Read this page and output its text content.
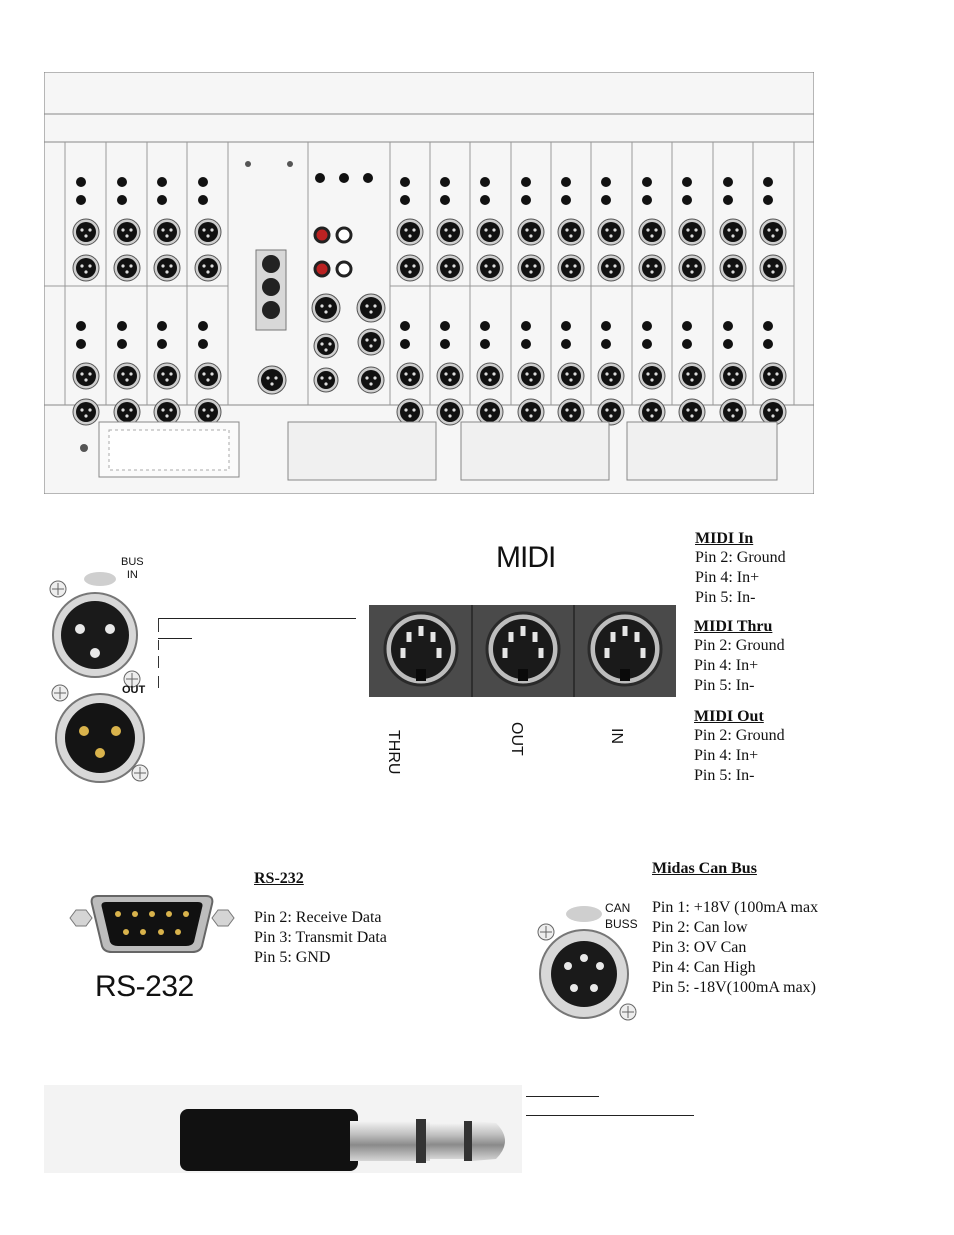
BUS
IN
OUT
MIDI
THRU	OUT	IN
MIDI In
Pin 2: Ground
Pin 4: In+
Pin 5: In-
MIDI Thru
Pin 2: Ground
Pin 4: In+
Pin 5: In-
MIDI Out
Pin 2: Ground
Pin 4: In+
Pin 5: In-
RS-232
RS-232
Pin 2: Receive Data
Pin 3: Transmit Data
Pin 5: GND
CAN
BUSS
Midas Can Bus
Pin 1: +18V (100mA max
Pin 2: Can low
Pin 3: OV Can
Pin 4: Can High
Pin 5: -18V(100mA max)
